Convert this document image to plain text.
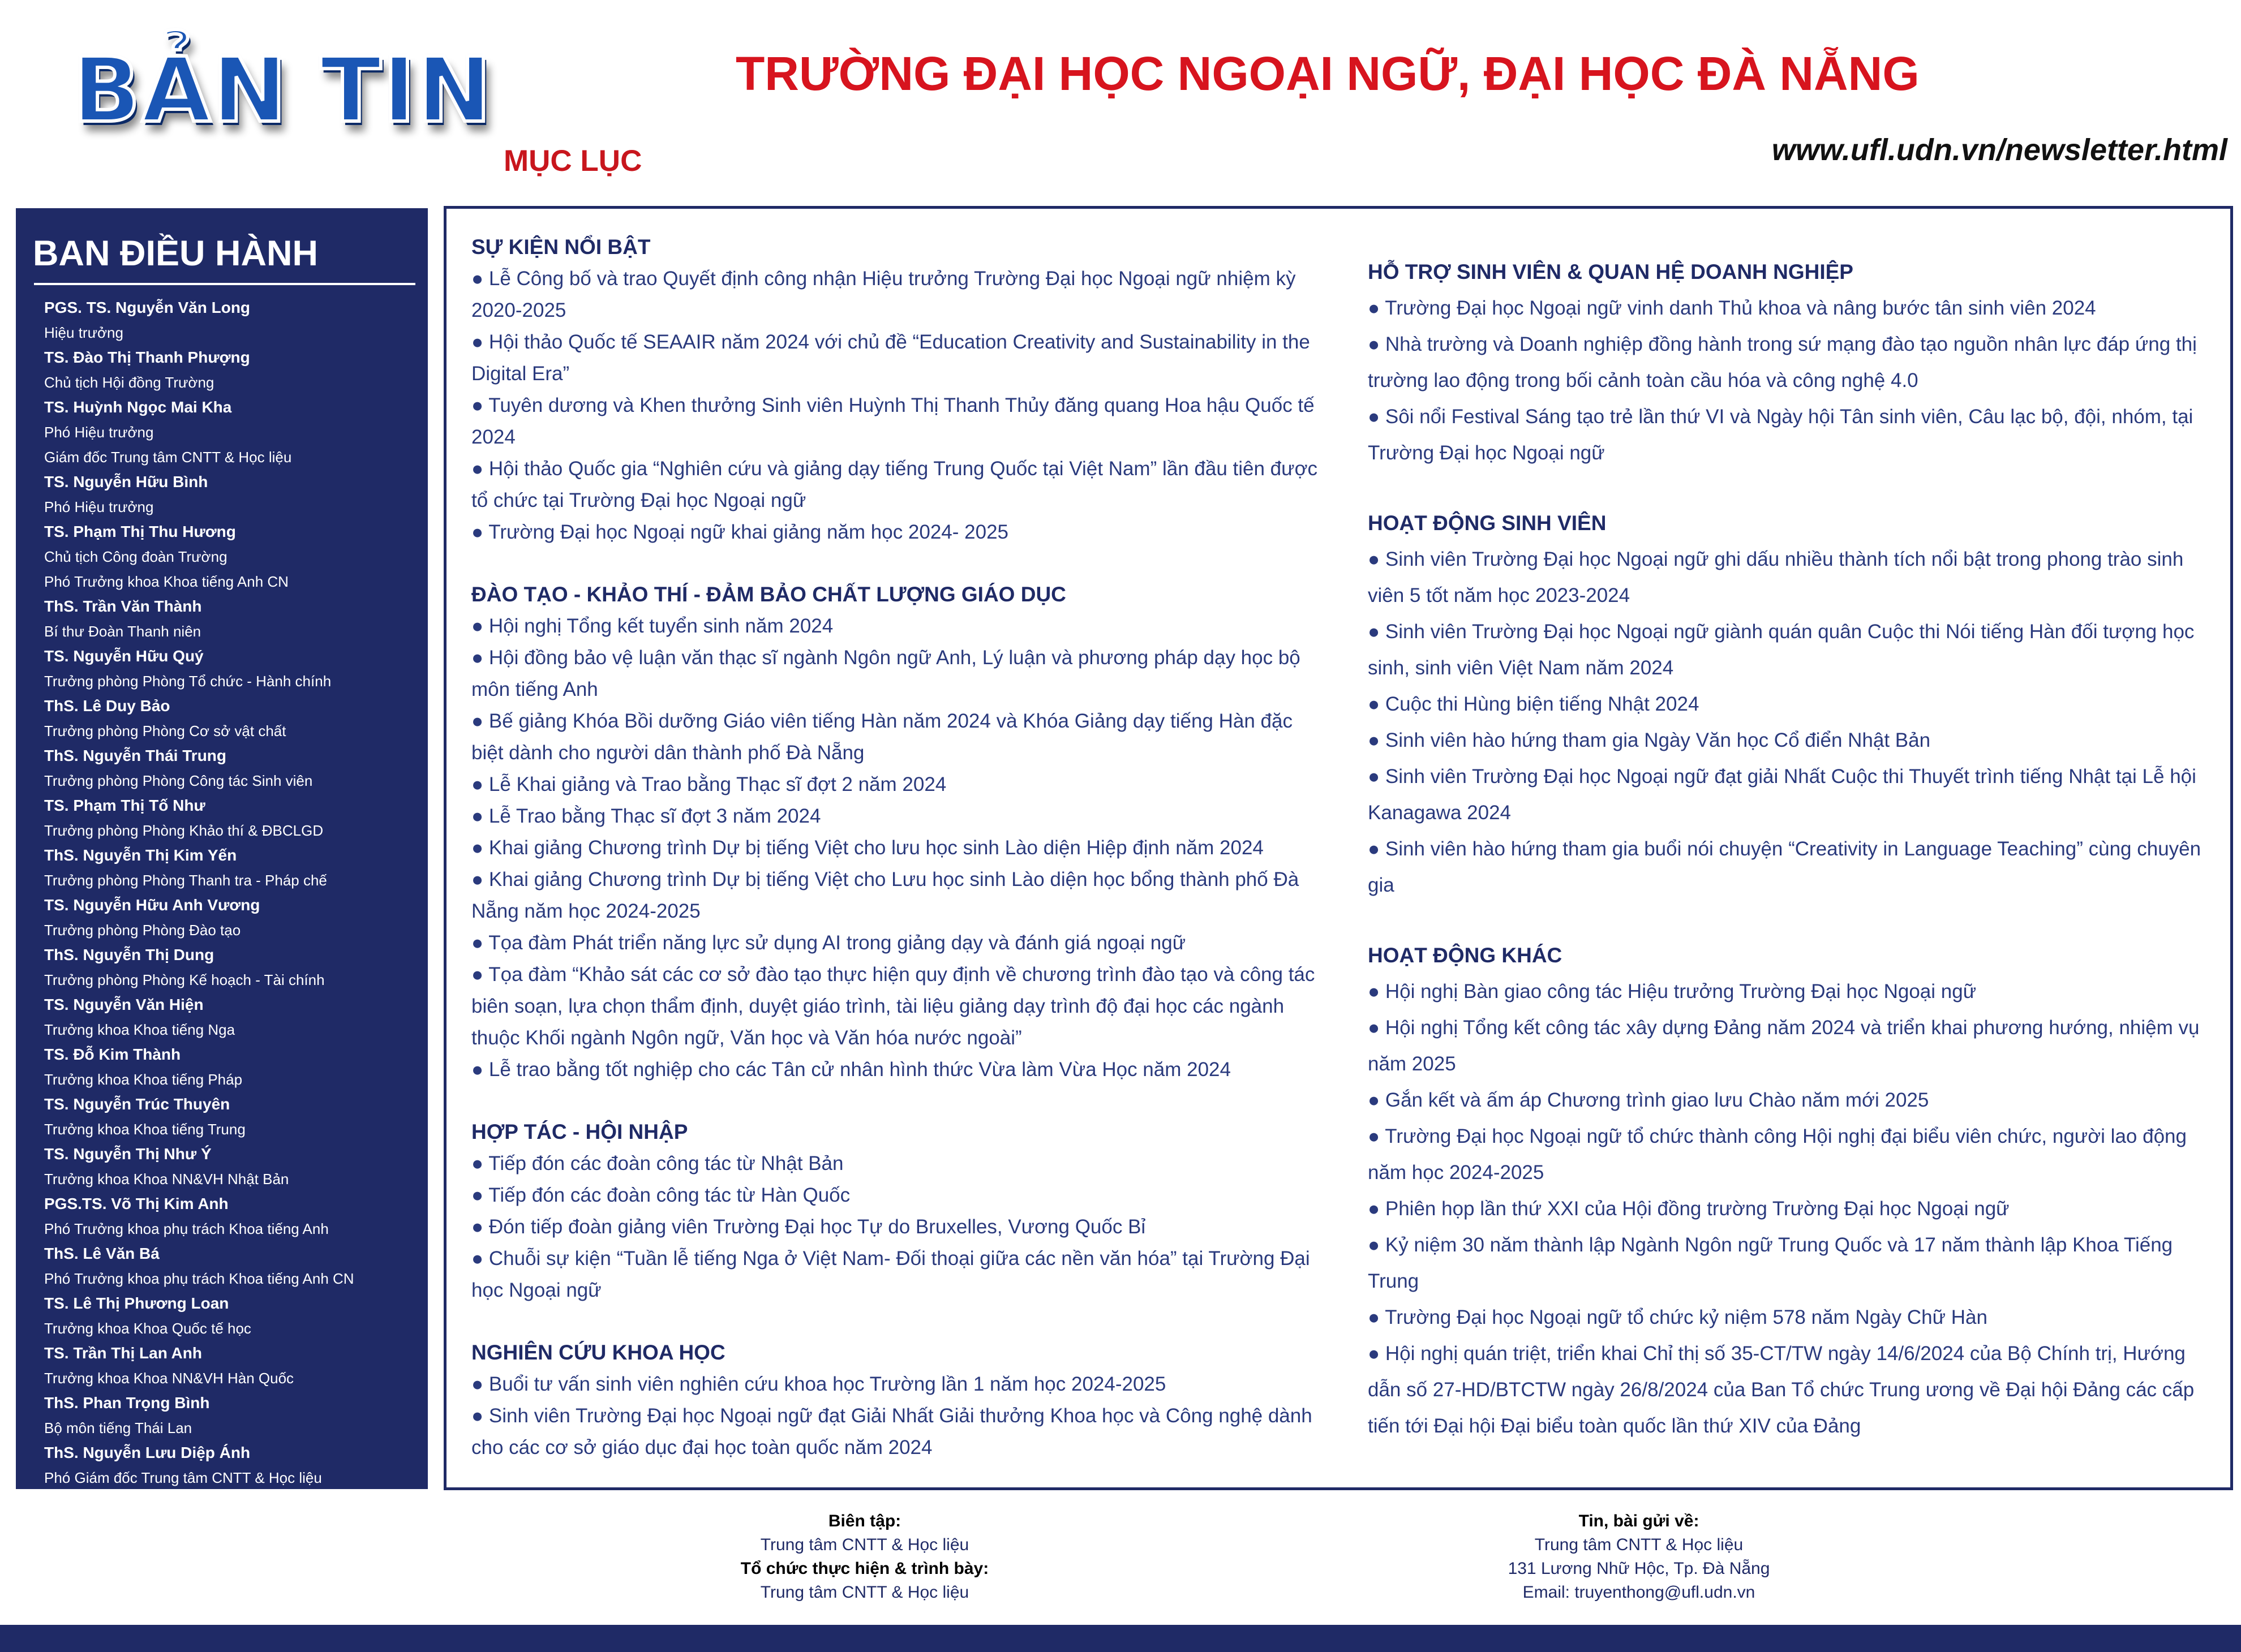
BẢN TIN	TRƯỜNG ĐẠI HỌC NGOẠI NGỮ, ĐẠI HỌC ĐÀ NẴNG
MỤC LỤC	www.ufl.udn.vn/newsletter.html
BAN ĐIỀU HÀNH
PGS. TS. Nguyễn Văn Long
Hiệu trưởng
TS. Đào Thị Thanh Phượng
Chủ tịch Hội đồng Trường
TS. Huỳnh Ngọc Mai Kha
Phó Hiệu trưởng
Giám đốc Trung tâm CNTT & Học liệu
TS. Nguyễn Hữu Bình
Phó Hiệu trưởng
TS. Phạm Thị Thu Hương
Chủ tịch Công đoàn Trường
Phó Trưởng khoa Khoa tiếng Anh CN
ThS. Trần Văn Thành
Bí thư Đoàn Thanh niên
TS. Nguyễn Hữu Quý
Trưởng phòng Phòng Tổ chức - Hành chính
ThS. Lê Duy Bảo
Trưởng phòng Phòng Cơ sở vật chất
ThS. Nguyễn Thái Trung
Trưởng phòng Phòng Công tác Sinh viên
TS. Phạm Thị Tố Như
Trưởng phòng Phòng Khảo thí & ĐBCLGD
ThS. Nguyễn Thị Kim Yến
Trưởng phòng Phòng Thanh tra - Pháp chế
TS. Nguyễn Hữu Anh Vương
Trưởng phòng Phòng Đào tạo
ThS. Nguyễn Thị Dung
Trưởng phòng Phòng Kế hoạch - Tài chính
TS. Nguyễn Văn Hiện
Trưởng khoa Khoa tiếng Nga
TS. Đỗ Kim Thành
Trưởng khoa Khoa tiếng Pháp
TS. Nguyễn Trúc Thuyên
Trưởng khoa Khoa tiếng Trung
TS. Nguyễn Thị Như Ý
Trưởng khoa Khoa NN&VH Nhật Bản
PGS.TS. Võ Thị Kim Anh
Phó Trưởng khoa phụ trách Khoa tiếng Anh
ThS. Lê Văn Bá
Phó Trưởng khoa phụ trách Khoa tiếng Anh CN
TS. Lê Thị Phương Loan
Trưởng khoa Khoa Quốc tế học
TS. Trần Thị Lan Anh
Trưởng khoa Khoa NN&VH Hàn Quốc
ThS. Phan Trọng Bình
Bộ môn tiếng Thái Lan
ThS. Nguyễn Lưu Diệp Ánh
Phó Giám đốc Trung tâm CNTT & Học liệu
SỰ KIỆN NỔI BẬT
● Lễ Công bố và trao Quyết định công nhận Hiệu trưởng Trường Đại học Ngoại ngữ nhiệm kỳ 2020-2025
● Hội thảo Quốc tế SEAAIR năm 2024 với chủ đề “Education Creativity and Sustainability in the Digital Era”
● Tuyên dương và Khen thưởng Sinh viên Huỳnh Thị Thanh Thủy đăng quang Hoa hậu Quốc tế 2024
● Hội thảo Quốc gia “Nghiên cứu và giảng dạy tiếng Trung Quốc tại Việt Nam” lần đầu tiên được tổ chức tại Trường Đại học Ngoại ngữ
● Trường Đại học Ngoại ngữ khai giảng năm học 2024- 2025
ĐÀO TẠO - KHẢO THÍ - ĐẢM BẢO CHẤT LƯỢNG GIÁO DỤC
● Hội nghị Tổng kết tuyển sinh năm 2024
● Hội đồng bảo vệ luận văn thạc sĩ ngành Ngôn ngữ Anh, Lý luận và phương pháp dạy học bộ môn tiếng Anh
● Bế giảng Khóa Bồi dưỡng Giáo viên tiếng Hàn năm 2024 và Khóa Giảng dạy tiếng Hàn đặc biệt dành cho người dân thành phố Đà Nẵng
● Lễ Khai giảng và Trao bằng Thạc sĩ đợt 2 năm 2024
● Lễ Trao bằng Thạc sĩ đợt 3 năm 2024
● Khai giảng Chương trình Dự bị tiếng Việt cho lưu học sinh Lào diện Hiệp định năm 2024
● Khai giảng Chương trình Dự bị tiếng Việt cho Lưu học sinh Lào diện học bổng thành phố Đà Nẵng năm học 2024-2025
● Tọa đàm Phát triển năng lực sử dụng AI trong giảng dạy và đánh giá ngoại ngữ
● Tọa đàm “Khảo sát các cơ sở đào tạo thực hiện quy định về chương trình đào tạo và công tác biên soạn, lựa chọn thẩm định, duyệt giáo trình, tài liệu giảng dạy trình độ đại học các ngành thuộc Khối ngành Ngôn ngữ, Văn học và Văn hóa nước ngoài”
● Lễ trao bằng tốt nghiệp cho các Tân cử nhân hình thức Vừa làm Vừa Học năm 2024
HỢP TÁC - HỘI NHẬP
● Tiếp đón các đoàn công tác từ Nhật Bản
● Tiếp đón các đoàn công tác từ Hàn Quốc
● Đón tiếp đoàn giảng viên Trường Đại học Tự do Bruxelles, Vương Quốc Bỉ
● Chuỗi sự kiện “Tuần lễ tiếng Nga ở Việt Nam- Đối thoại giữa các nền văn hóa” tại Trường Đại học Ngoại ngữ
NGHIÊN CỨU KHOA HỌC
● Buổi tư vấn sinh viên nghiên cứu khoa học Trường lần 1 năm học 2024-2025
● Sinh viên Trường Đại học Ngoại ngữ đạt Giải Nhất Giải thưởng Khoa học và Công nghệ dành cho các cơ sở giáo dục đại học toàn quốc năm 2024
HỖ TRỢ SINH VIÊN & QUAN HỆ DOANH NGHIỆP
● Trường Đại học Ngoại ngữ vinh danh Thủ khoa và nâng bước tân sinh viên 2024
● Nhà trường và Doanh nghiệp đồng hành trong sứ mạng đào tạo nguồn nhân lực đáp ứng thị trường lao động trong bối cảnh toàn cầu hóa và công nghệ 4.0
● Sôi nổi Festival Sáng tạo trẻ lần thứ VI và Ngày hội Tân sinh viên, Câu lạc bộ, đội, nhóm, tại Trường Đại học Ngoại ngữ
HOẠT ĐỘNG SINH VIÊN
● Sinh viên Trường Đại học Ngoại ngữ ghi dấu nhiều thành tích nổi bật trong phong trào sinh viên 5 tốt năm học 2023-2024
● Sinh viên Trường Đại học Ngoại ngữ giành quán quân Cuộc thi Nói tiếng Hàn đối tượng học sinh, sinh viên Việt Nam năm 2024
● Cuộc thi Hùng biện tiếng Nhật 2024
● Sinh viên hào hứng tham gia Ngày Văn học Cổ điển Nhật Bản
● Sinh viên Trường Đại học Ngoại ngữ đạt giải Nhất Cuộc thi Thuyết trình tiếng Nhật tại Lễ hội Kanagawa 2024
● Sinh viên hào hứng tham gia buổi nói chuyện “Creativity in Language Teaching” cùng chuyên gia
HOẠT ĐỘNG KHÁC
● Hội nghị Bàn giao công tác Hiệu trưởng Trường Đại học Ngoại ngữ
● Hội nghị Tổng kết công tác xây dựng Đảng năm 2024 và triển khai phương hướng, nhiệm vụ năm 2025
● Gắn kết và ấm áp Chương trình giao lưu Chào năm mới 2025
● Trường Đại học Ngoại ngữ tổ chức thành công Hội nghị đại biểu viên chức, người lao động năm học 2024-2025
● Phiên họp lần thứ XXI của Hội đồng trường Trường Đại học Ngoại ngữ
● Kỷ niệm 30 năm thành lập Ngành Ngôn ngữ Trung Quốc và 17 năm thành lập Khoa Tiếng Trung
● Trường Đại học Ngoại ngữ tổ chức kỷ niệm 578 năm Ngày Chữ Hàn
● Hội nghị quán triệt, triển khai Chỉ thị số 35-CT/TW ngày 14/6/2024 của Bộ Chính trị, Hướng dẫn số 27-HD/BTCTW ngày 26/8/2024 của Ban Tổ chức Trung ương về Đại hội Đảng các cấp tiến tới Đại hội Đại biểu toàn quốc lần thứ XIV của Đảng
Biên tập:
Trung tâm CNTT & Học liệu
Tổ chức thực hiện & trình bày:
Trung tâm CNTT & Học liệu
Tin, bài gửi về:
Trung tâm CNTT & Học liệu
131 Lương Nhữ Hộc, Tp. Đà Nẵng
Email: truyenthong@ufl.udn.vn
